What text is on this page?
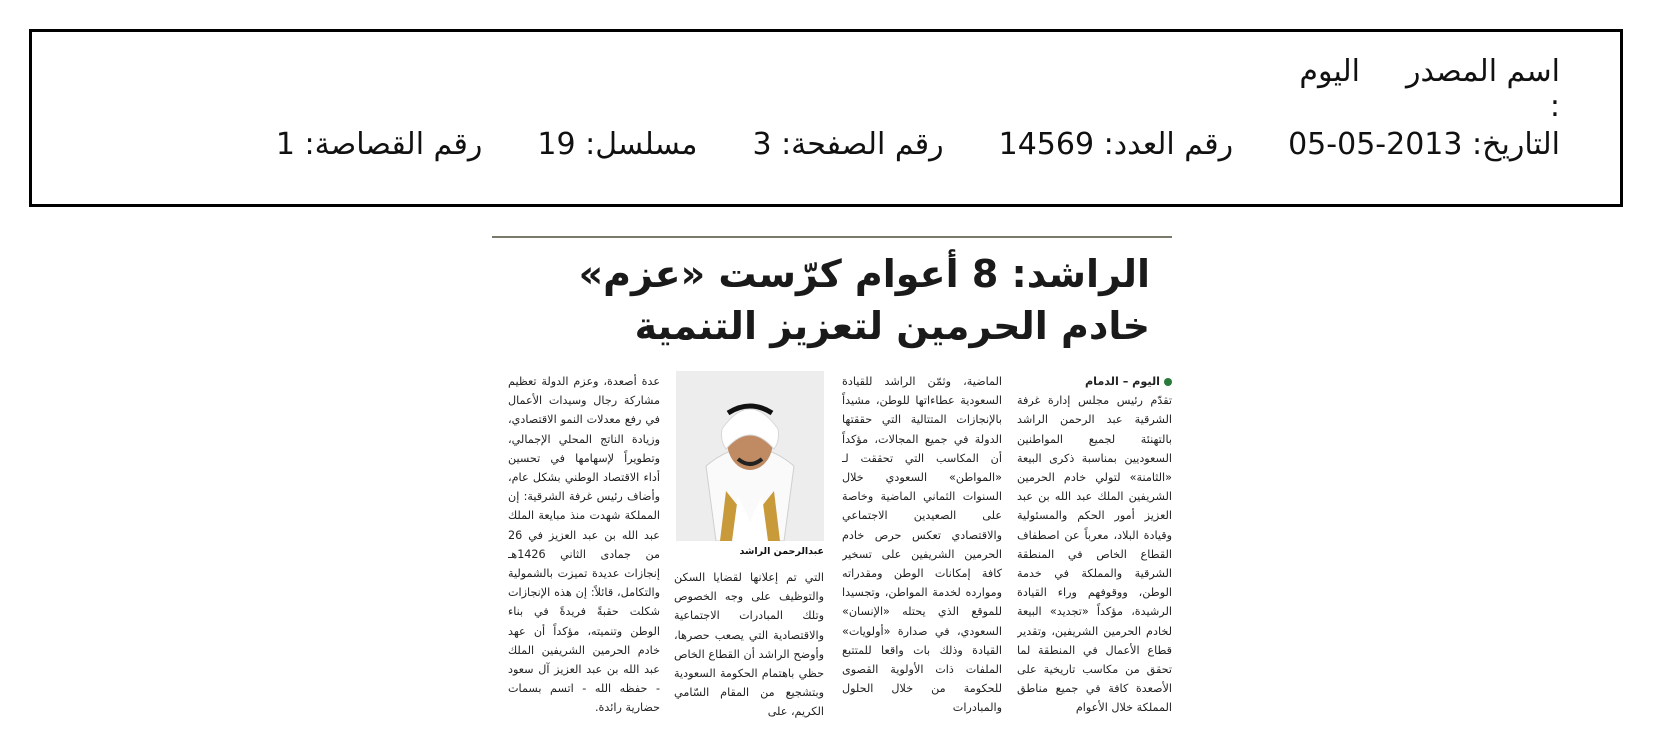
اسم المصدر :
اليوم
التاريخ: 2013-05-05
رقم العدد: 14569
رقم الصفحة: 3
مسلسل: 19
رقم القصاصة: 1
الراشد: 8 أعوام كرّست «عزم»
خادم الحرمين لتعزيز التنمية
اليوم – الدمام
تقدّم رئيس مجلس إدارة غرفة الشرقية عبد الرحمن الراشد بالتهنئة لجميع المواطنين السعوديين بمناسبة ذكرى البيعة «الثامنة» لتولي خادم الحرمين الشريفين الملك عبد الله بن عبد العزيز أمور الحكم والمسئولية وقيادة البلاد، معرباً عن اصطفاف القطاع الخاص في المنطقة الشرقية والمملكة في خدمة الوطن، ووقوفهم وراء القيادة الرشيدة، مؤكداً «تجديد» البيعة لخادم الحرمين الشريفين، وتقدير قطاع الأعمال في المنطقة لما تحقق من مكاسب تاريخية على الأصعدة كافة في جميع مناطق المملكة خلال الأعوام
الماضية، وثمّن الراشد للقيادة السعودية عطاءاتها للوطن، مشيداً بالإنجازات المتتالية التي حققتها الدولة في جميع المجالات، مؤكداً أن المكاسب التي تحققت لـ «المواطن» السعودي خلال السنوات الثماني الماضية وخاصة على الصعيدين الاجتماعي والاقتصادي تعكس حرص خادم الحرمين الشريفين على تسخير كافة إمكانات الوطن ومقدراته وموارده لخدمة المواطن، وتجسيدا للموقع الذي يحتله «الإنسان» السعودي، في صدارة «أولويات» القيادة وذلك بات واقعا للمتتبع الملفات ذات الأولوية القصوى للحكومة من خلال الحلول والمبادرات
عبدالرحمن الراشد
التي تم إعلانها لقضايا السكن والتوظيف على وجه الخصوص وتلك المبادرات الاجتماعية والاقتصادية التي يصعب حصرها، وأوضح الراشد أن القطاع الخاص حظي باهتمام الحكومة السعودية وبتشجيع من المقام السّامي الكريم، على
عدة أصعدة، وعزم الدولة تعظيم مشاركة رجال وسيدات الأعمال في رفع معدلات النمو الاقتصادي، وزيادة الناتج المحلي الإجمالي، وتطويراً لإسهامها في تحسين أداء الاقتصاد الوطني بشكل عام، وأضاف رئيس غرفة الشرقية: إن المملكة شهدت منذ مبايعة الملك عبد الله بن عبد العزيز في 26 من جمادى الثاني 1426هـ إنجازات عديدة تميزت بالشمولية والتكامل، قائلاً: إن هذه الإنجازات شكلت حقبةً فريدةً في بناء الوطن وتنميته، مؤكداً أن عهد خادم الحرمين الشريفين الملك عبد الله بن عبد العزيز آل سعود - حفظه الله - اتسم بسمات حضارية رائدة.
